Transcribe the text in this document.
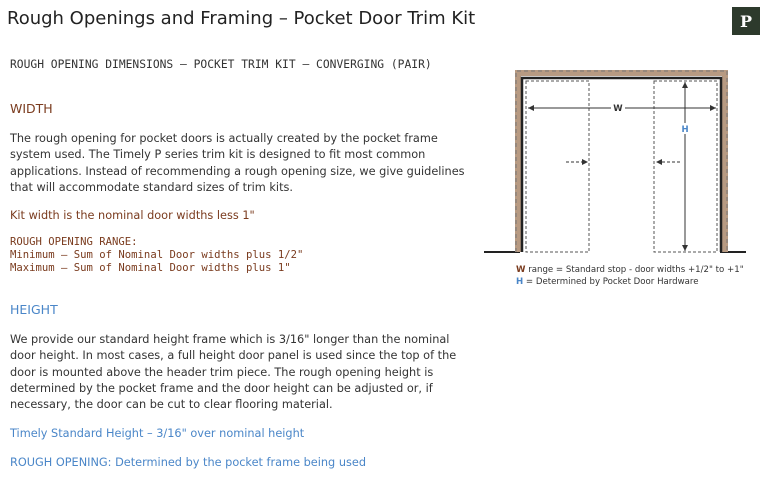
Rough Openings and Framing – Pocket Door Trim Kit	P
ROUGH OPENING DIMENSIONS – POCKET TRIM KIT – CONVERGING (PAIR)
WIDTH
The rough opening for pocket doors is actually created by the pocket frame system used. The Timely P series trim kit is designed to fit most common applications. Instead of recommending a rough opening size, we give guidelines that will accommodate standard sizes of trim kits.
Kit width is the nominal door widths less 1"
ROUGH OPENING RANGE:
Minimum – Sum of Nominal Door widths plus 1/2"
Maximum – Sum of Nominal Door widths plus 1"
HEIGHT
We provide our standard height frame which is 3/16" longer than the nominal door height. In most cases, a full height door panel is used since the top of the door is mounted above the header trim piece. The rough opening height is determined by the pocket frame and the door height can be adjusted or, if necessary, the door can be cut to clear flooring material.
Timely Standard Height – 3/16" over nominal height
ROUGH OPENING: Determined by the pocket frame being used
W
H
W range = Standard stop - door widths +1/2" to +1"
H = Determined by Pocket Door Hardware
